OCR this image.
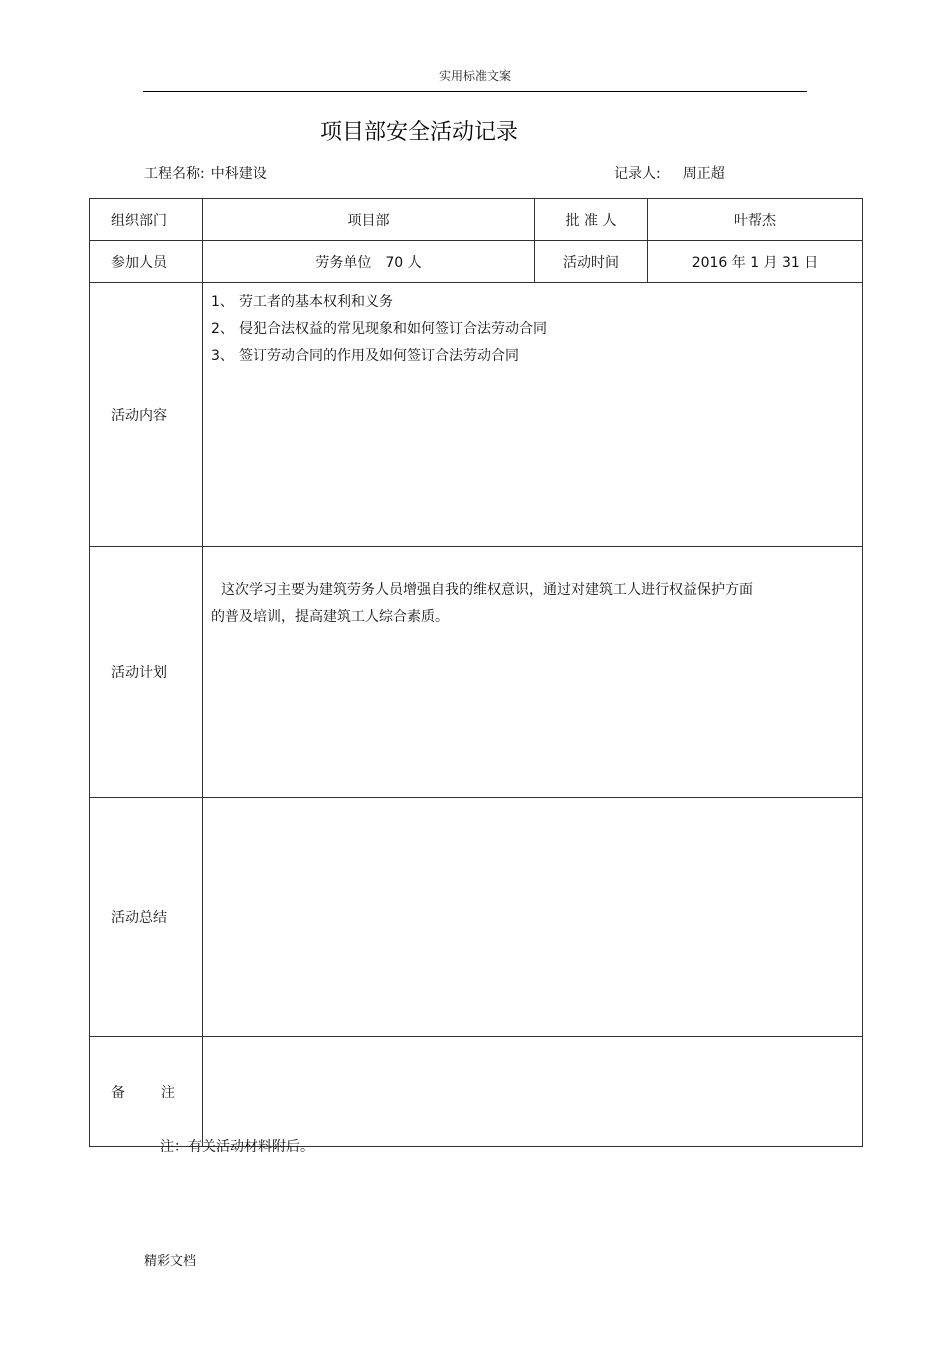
实用标准文案
项目部安全活动记录
工程名称: 中科建设	记录人: 周正超
组织部门	项目部	批 准 人	叶帮杰
参加人员	劳务单位　70 人	活动时间	2016 年 1 月 31 日
活动内容	1、 劳工者的基本权利和义务
2、 侵犯合法权益的常见现象和如何签订合法劳动合同
3、 签订劳动合同的作用及如何签订合法劳动合同		

活动计划	这次学习主要为建筑劳务人员增强自我的维权意识，通过对建筑工人进行权益保护方面
的普及培训，提高建筑工人综合素质。		

活动总结			
备 注			
注：有关活动材料附后。
精彩文档
